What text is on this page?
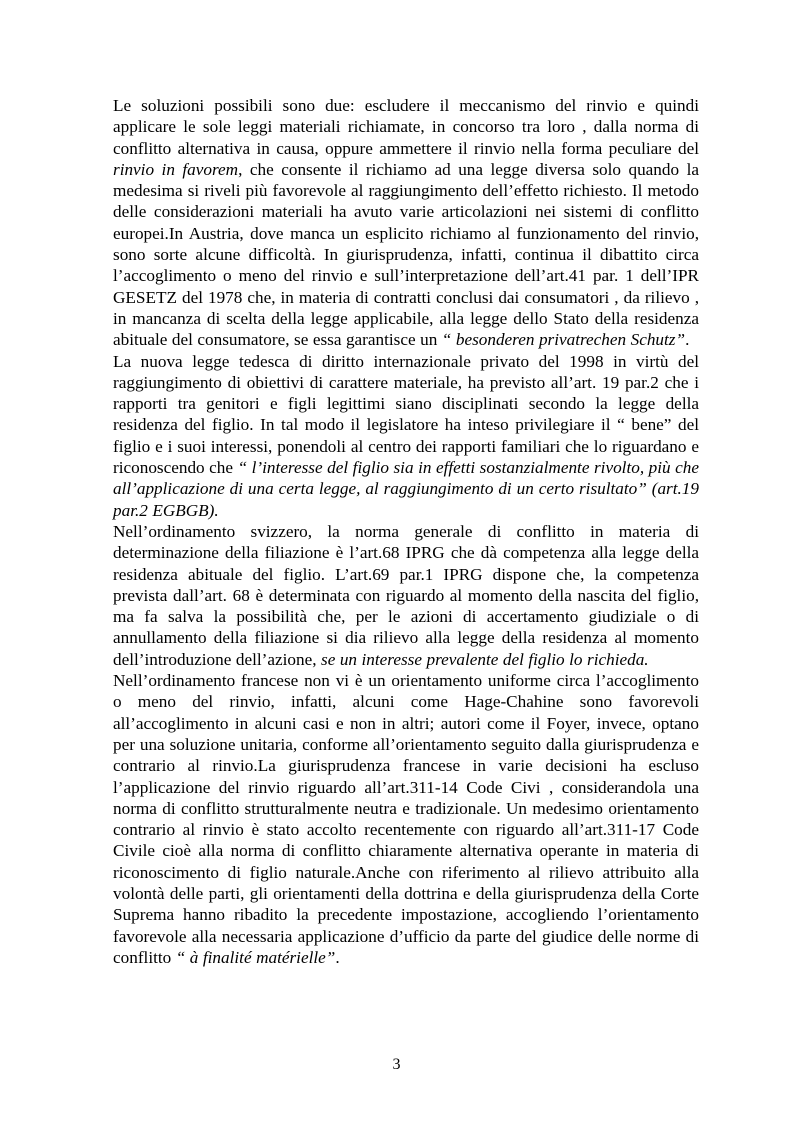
Le soluzioni possibili sono due: escludere il meccanismo del rinvio e quindi applicare le sole leggi materiali richiamate, in concorso tra loro , dalla norma di conflitto alternativa in causa, oppure ammettere il rinvio nella forma peculiare del rinvio in favorem, che consente il richiamo ad una legge diversa solo quando la medesima si riveli più favorevole al raggiungimento dell’effetto richiesto. Il metodo delle considerazioni materiali ha avuto varie articolazioni nei sistemi di conflitto europei.In Austria, dove manca un esplicito richiamo al funzionamento del rinvio, sono sorte alcune difficoltà. In giurisprudenza, infatti, continua il dibattito circa l’accoglimento o meno del rinvio e sull’interpretazione dell’art.41 par. 1 dell’IPR GESETZ del 1978 che, in materia di contratti conclusi dai consumatori , da rilievo , in mancanza di scelta della legge applicabile, alla legge dello Stato della residenza abituale del consumatore, se essa garantisce un “ besonderen privatrechen Schutz”.

La nuova legge tedesca di diritto internazionale privato del 1998 in virtù del raggiungimento di obiettivi di carattere materiale, ha previsto all’art. 19 par.2 che i rapporti tra genitori e figli legittimi siano disciplinati secondo la legge della residenza del figlio. In tal modo il legislatore ha inteso privilegiare il “ bene” del figlio e i suoi interessi, ponendoli al centro dei rapporti familiari che lo riguardano e riconoscendo che “ l’interesse del figlio sia in effetti sostanzialmente rivolto, più che all’applicazione di una certa legge, al raggiungimento di un certo risultato” (art.19 par.2 EGBGB).

Nell’ordinamento svizzero, la norma generale di conflitto in materia di determinazione della filiazione è l’art.68 IPRG che dà competenza alla legge della residenza abituale del figlio. L’art.69 par.1 IPRG dispone che, la competenza prevista dall’art. 68 è determinata con riguardo al momento della nascita del figlio, ma fa salva la possibilità che, per le azioni di accertamento giudiziale o di annullamento della filiazione si dia rilievo alla legge della residenza al momento dell’introduzione dell’azione, se un interesse prevalente del figlio lo richieda.

Nell’ordinamento francese non vi è un orientamento uniforme circa l’accoglimento o meno del rinvio, infatti, alcuni come Hage-Chahine sono favorevoli all’accoglimento in alcuni casi e non in altri; autori come il Foyer, invece, optano per una soluzione unitaria, conforme all’orientamento seguito dalla giurisprudenza e contrario al rinvio.La giurisprudenza francese in varie decisioni ha escluso l’applicazione del rinvio riguardo all’art.311-14 Code Civi , considerandola una norma di conflitto strutturalmente neutra e tradizionale. Un medesimo orientamento contrario al rinvio è stato accolto recentemente con riguardo all’art.311-17 Code Civile cioè alla norma di conflitto chiaramente alternativa operante in materia di riconoscimento di figlio naturale.Anche con riferimento al rilievo attribuito alla volontà delle parti, gli orientamenti della dottrina e della giurisprudenza della Corte Suprema hanno ribadito la precedente impostazione, accogliendo l’orientamento favorevole alla necessaria applicazione d’ufficio da parte del giudice delle norme di conflitto “ à finalité matérielle”.

3
